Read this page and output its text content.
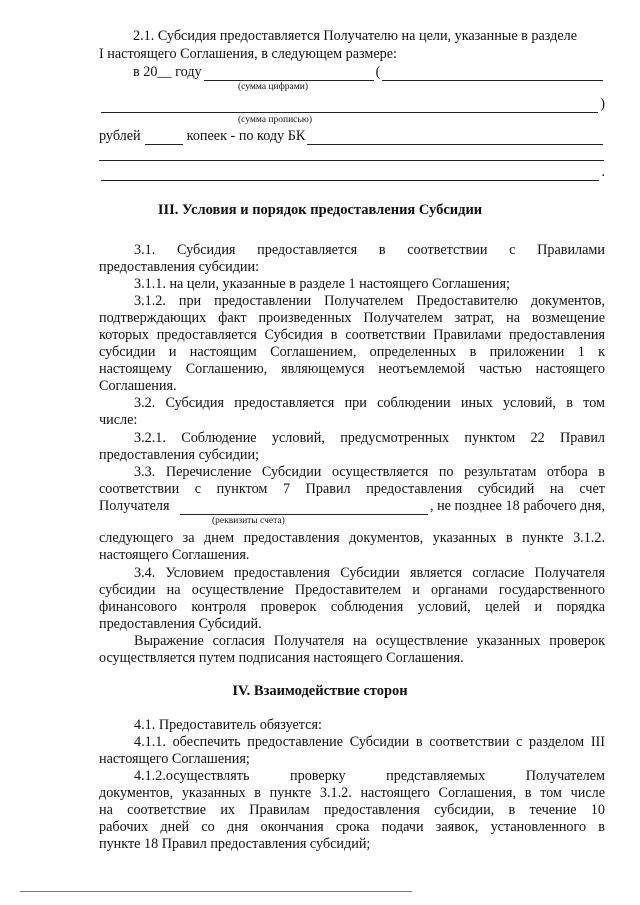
2.1. Субсидия предоставляется Получателю на цели, указанные в разделе
I настоящего Соглашения, в следующем размере:
в 20__ году	(
(сумма цифрами)
)
(сумма прописью)
рублей	копеек - по коду БК
.
III. Условия и порядок предоставления Субсидии
3.1. Субсидия предоставляется в соответствии с Правилами
предоставления субсидии:
3.1.1. на цели, указанные в разделе 1 настоящего Соглашения;
3.1.2. при предоставлении Получателем Предоставителю документов,
подтверждающих факт произведенных Получателем затрат, на возмещение
которых предоставляется Субсидия в соответствии Правилами предоставления
субсидии и настоящим Соглашением, определенных в приложении 1 к
настоящему Соглашению, являющемуся неотъемлемой частью настоящего
Соглашения.
3.2. Субсидия предоставляется при соблюдении иных условий, в том
числе:
3.2.1. Соблюдение условий, предусмотренных пунктом 22 Правил
предоставления субсидии;
3.3. Перечисление Субсидии осуществляется по результатам отбора в
соответствии с пунктом 7 Правил предоставления субсидий на счет
Получателя	, не позднее 18 рабочего дня,
(реквизиты счета)
следующего за днем предоставления документов, указанных в пункте 3.1.2.
настоящего Соглашения.
3.4. Условием предоставления Субсидии является согласие Получателя
субсидии на осуществление Предоставителем и органами государственного
финансового контроля проверок соблюдения условий, целей и порядка
предоставления Субсидий.
Выражение согласия Получателя на осуществление указанных проверок
осуществляется путем подписания настоящего Соглашения.
IV. Взаимодействие сторон
4.1. Предоставитель обязуется:
4.1.1. обеспечить предоставление Субсидии в соответствии с разделом III
настоящего Соглашения;
4.1.2.осуществлять проверку представляемых Получателем
документов, указанных в пункте 3.1.2. настоящего Соглашения, в том числе
на соответствие их Правилам предоставления субсидии, в течение 10
рабочих дней со дня окончания срока подачи заявок, установленного в
пункте 18 Правил предоставления субсидий;
